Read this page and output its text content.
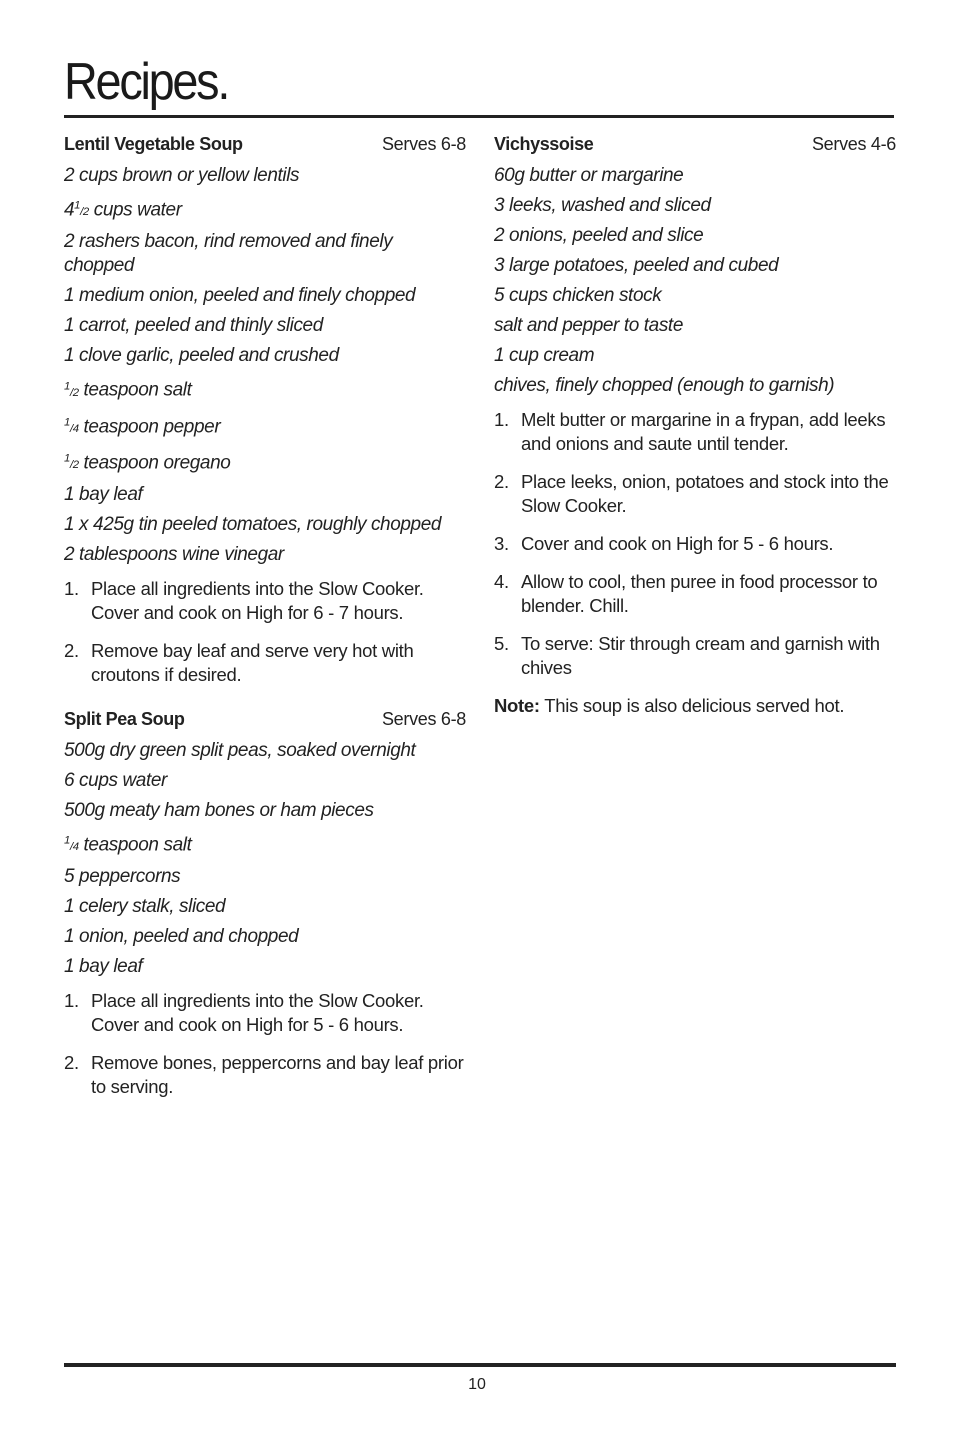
Recipes.
Lentil Vegetable Soup	Serves 6-8
2 cups brown or yellow lentils
$4^1/2$ cups water
2 rashers bacon, rind removed and finely chopped
1 medium onion, peeled and finely chopped
1 carrot, peeled and thinly sliced
1 clove garlic, peeled and crushed
$^1$/2 teaspoon salt
$^1$/4 teaspoon pepper
$^1$/2 teaspoon oregano
1 bay leaf
1 x 425g tin peeled tomatoes, roughly chopped
2 tablespoons wine vinegar
1. Place all ingredients into the Slow Cooker. Cover and cook on High for 6 - 7 hours.
2. Remove bay leaf and serve very hot with croutons if desired.
Split Pea Soup	Serves 6-8
500g dry green split peas, soaked overnight
6 cups water
500g meaty ham bones or ham pieces
$^1$/4 teaspoon salt
5 peppercorns
1 celery stalk, sliced
1 onion, peeled and chopped
1 bay leaf
1. Place all ingredients into the Slow Cooker. Cover and cook on High for 5 - 6 hours.
2. Remove bones, peppercorns and bay leaf prior to serving.
Vichyssoise	Serves 4-6
60g butter or margarine
3 leeks, washed and sliced
2 onions, peeled and slice
3 large potatoes, peeled and cubed
5 cups chicken stock
salt and pepper to taste
1 cup cream
chives, finely chopped (enough to garnish)
1. Melt butter or margarine in a frypan, add leeks and onions and saute until tender.
2. Place leeks, onion, potatoes and stock into the Slow Cooker.
3. Cover and cook on High for 5 - 6 hours.
4. Allow to cool, then puree in food processor to blender. Chill.
5. To serve: Stir through cream and garnish with chives

Note: This soup is also delicious served hot.

10
